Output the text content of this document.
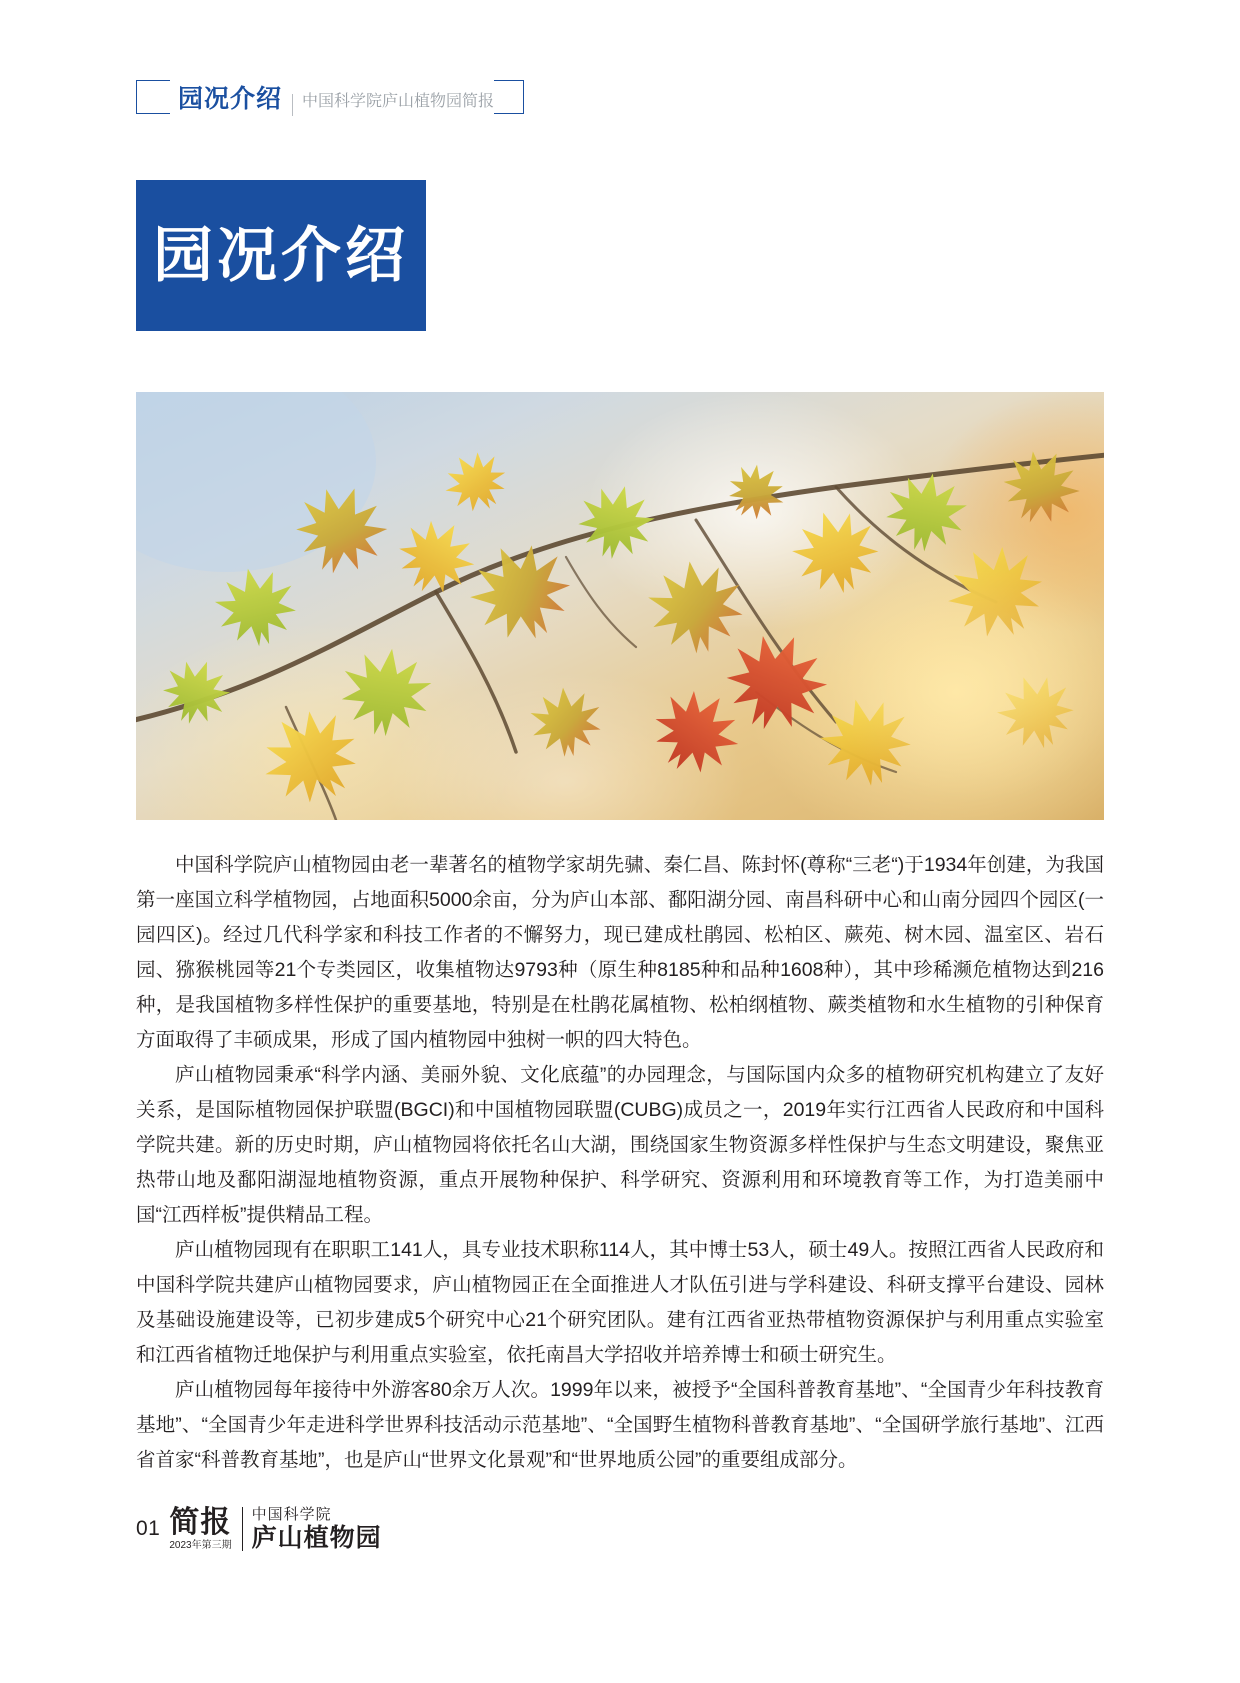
园况介绍	中国科学院庐山植物园简报
园况介绍

中国科学院庐山植物园由老一辈著名的植物学家胡先骕、秦仁昌、陈封怀(尊称“三老“)于1934年创建，为我国第一座国立科学植物园，占地面积5000余亩，分为庐山本部、鄱阳湖分园、南昌科研中心和山南分园四个园区(一园四区)。经过几代科学家和科技工作者的不懈努力，现已建成杜鹃园、松柏区、蕨苑、树木园、温室区、岩石园、猕猴桃园等21个专类园区，收集植物达9793种（原生种8185种和品种1608种），其中珍稀濒危植物达到216种，是我国植物多样性保护的重要基地，特别是在杜鹃花属植物、松柏纲植物、蕨类植物和水生植物的引种保育方面取得了丰硕成果，形成了国内植物园中独树一帜的四大特色。

庐山植物园秉承“科学内涵、美丽外貌、文化底蕴”的办园理念，与国际国内众多的植物研究机构建立了友好关系，是国际植物园保护联盟(BGCI)和中国植物园联盟(CUBG)成员之一，2019年实行江西省人民政府和中国科学院共建。新的历史时期，庐山植物园将依托名山大湖，围绕国家生物资源多样性保护与生态文明建设，聚焦亚热带山地及鄱阳湖湿地植物资源，重点开展物种保护、科学研究、资源利用和环境教育等工作，为打造美丽中国“江西样板”提供精品工程。

庐山植物园现有在职职工141人，具专业技术职称114人，其中博士53人，硕士49人。按照江西省人民政府和中国科学院共建庐山植物园要求，庐山植物园正在全面推进人才队伍引进与学科建设、科研支撑平台建设、园林及基础设施建设等，已初步建成5个研究中心21个研究团队。建有江西省亚热带植物资源保护与利用重点实验室和江西省植物迁地保护与利用重点实验室，依托南昌大学招收并培养博士和硕士研究生。

庐山植物园每年接待中外游客80余万人次。1999年以来，被授予“全国科普教育基地”、“全国青少年科技教育基地”、“全国青少年走进科学世界科技活动示范基地”、“全国野生植物科普教育基地”、“全国研学旅行基地”、江西省首家“科普教育基地”，也是庐山“世界文化景观”和“世界地质公园”的重要组成部分。

01 简报
2023年第三期
中国科学院
庐山植物园
